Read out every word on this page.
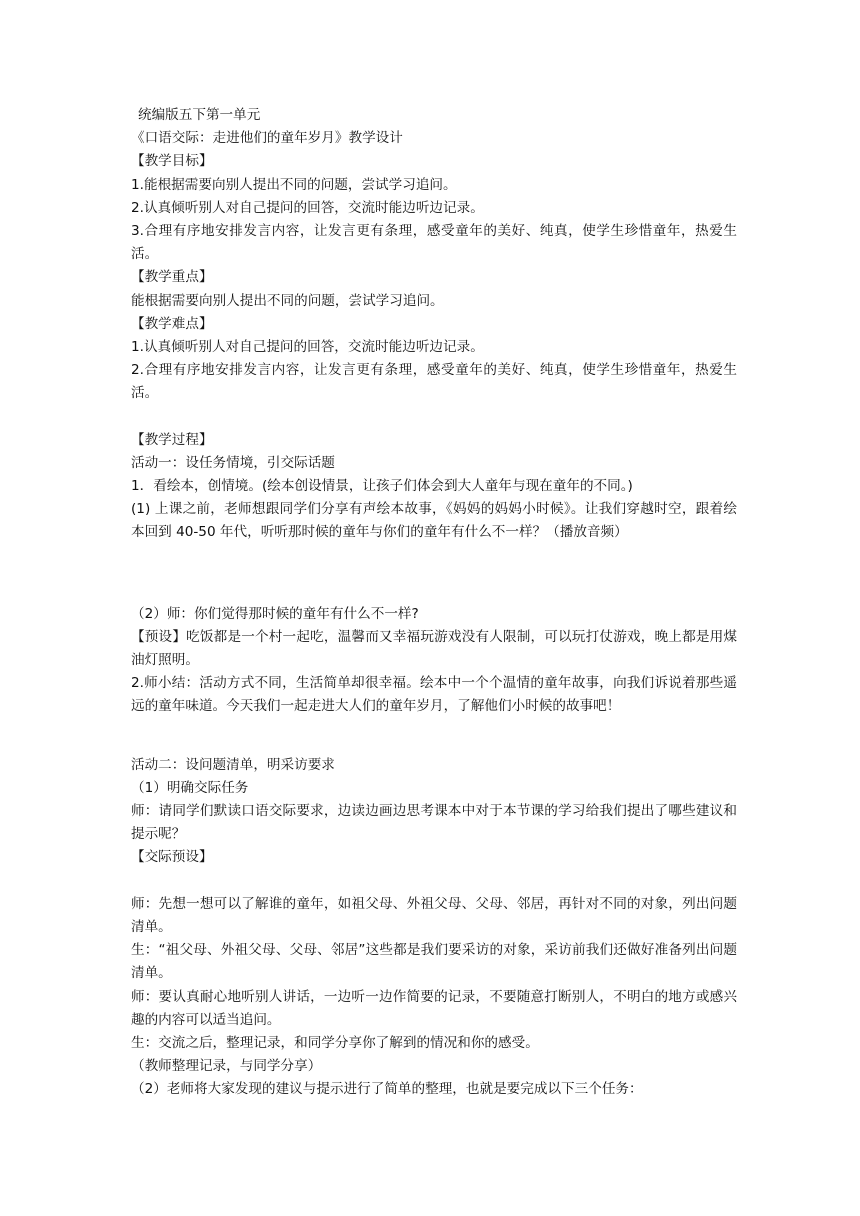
统编版五下第一单元

《口语交际：走进他们的童年岁月》教学设计

【教学目标】

1.能根据需要向别人提出不同的问题，尝试学习追问。

2.认真倾听别人对自己提问的回答，交流时能边听边记录。

3.合理有序地安排发言内容，让发言更有条理，感受童年的美好、纯真，使学生珍惜童年，热爱生活。

【教学重点】

能根据需要向别人提出不同的问题，尝试学习追问。

【教学难点】

1.认真倾听别人对自己提问的回答，交流时能边听边记录。

2.合理有序地安排发言内容，让发言更有条理，感受童年的美好、纯真，使学生珍惜童年，热爱生活。

【教学过程】

活动一：设任务情境，引交际话题

1．看绘本，创情境。(绘本创设情景，让孩子们体会到大人童年与现在童年的不同。)

(1) 上课之前，老师想跟同学们分享有声绘本故事，《妈妈的妈妈小时候》。让我们穿越时空，跟着绘本回到 40-50 年代，听听那时候的童年与你们的童年有什么不一样？（播放音频）

（2）师：你们觉得那时候的童年有什么不一样?

【预设】吃饭都是一个村一起吃，温馨而又幸福玩游戏没有人限制，可以玩打仗游戏，晚上都是用煤油灯照明。

2.师小结：活动方式不同，生活简单却很幸福。绘本中一个个温情的童年故事，向我们诉说着那些遥远的童年味道。今天我们一起走进大人们的童年岁月，了解他们小时候的故事吧！

活动二：设问题清单，明采访要求

（1）明确交际任务

师：请同学们默读口语交际要求，边读边画边思考课本中对于本节课的学习给我们提出了哪些建议和提示呢？

【交际预设】

师：先想一想可以了解谁的童年，如祖父母、外祖父母、父母、邻居，再针对不同的对象，列出问题清单。

生：“祖父母、外祖父母、父母、邻居”这些都是我们要采访的对象，采访前我们还做好准备列出问题清单。

师：要认真耐心地听别人讲话，一边听一边作简要的记录，不要随意打断别人，不明白的地方或感兴趣的内容可以适当追问。

生：交流之后，整理记录，和同学分享你了解到的情况和你的感受。

（教师整理记录，与同学分享）

（2）老师将大家发现的建议与提示进行了简单的整理，也就是要完成以下三个任务：
